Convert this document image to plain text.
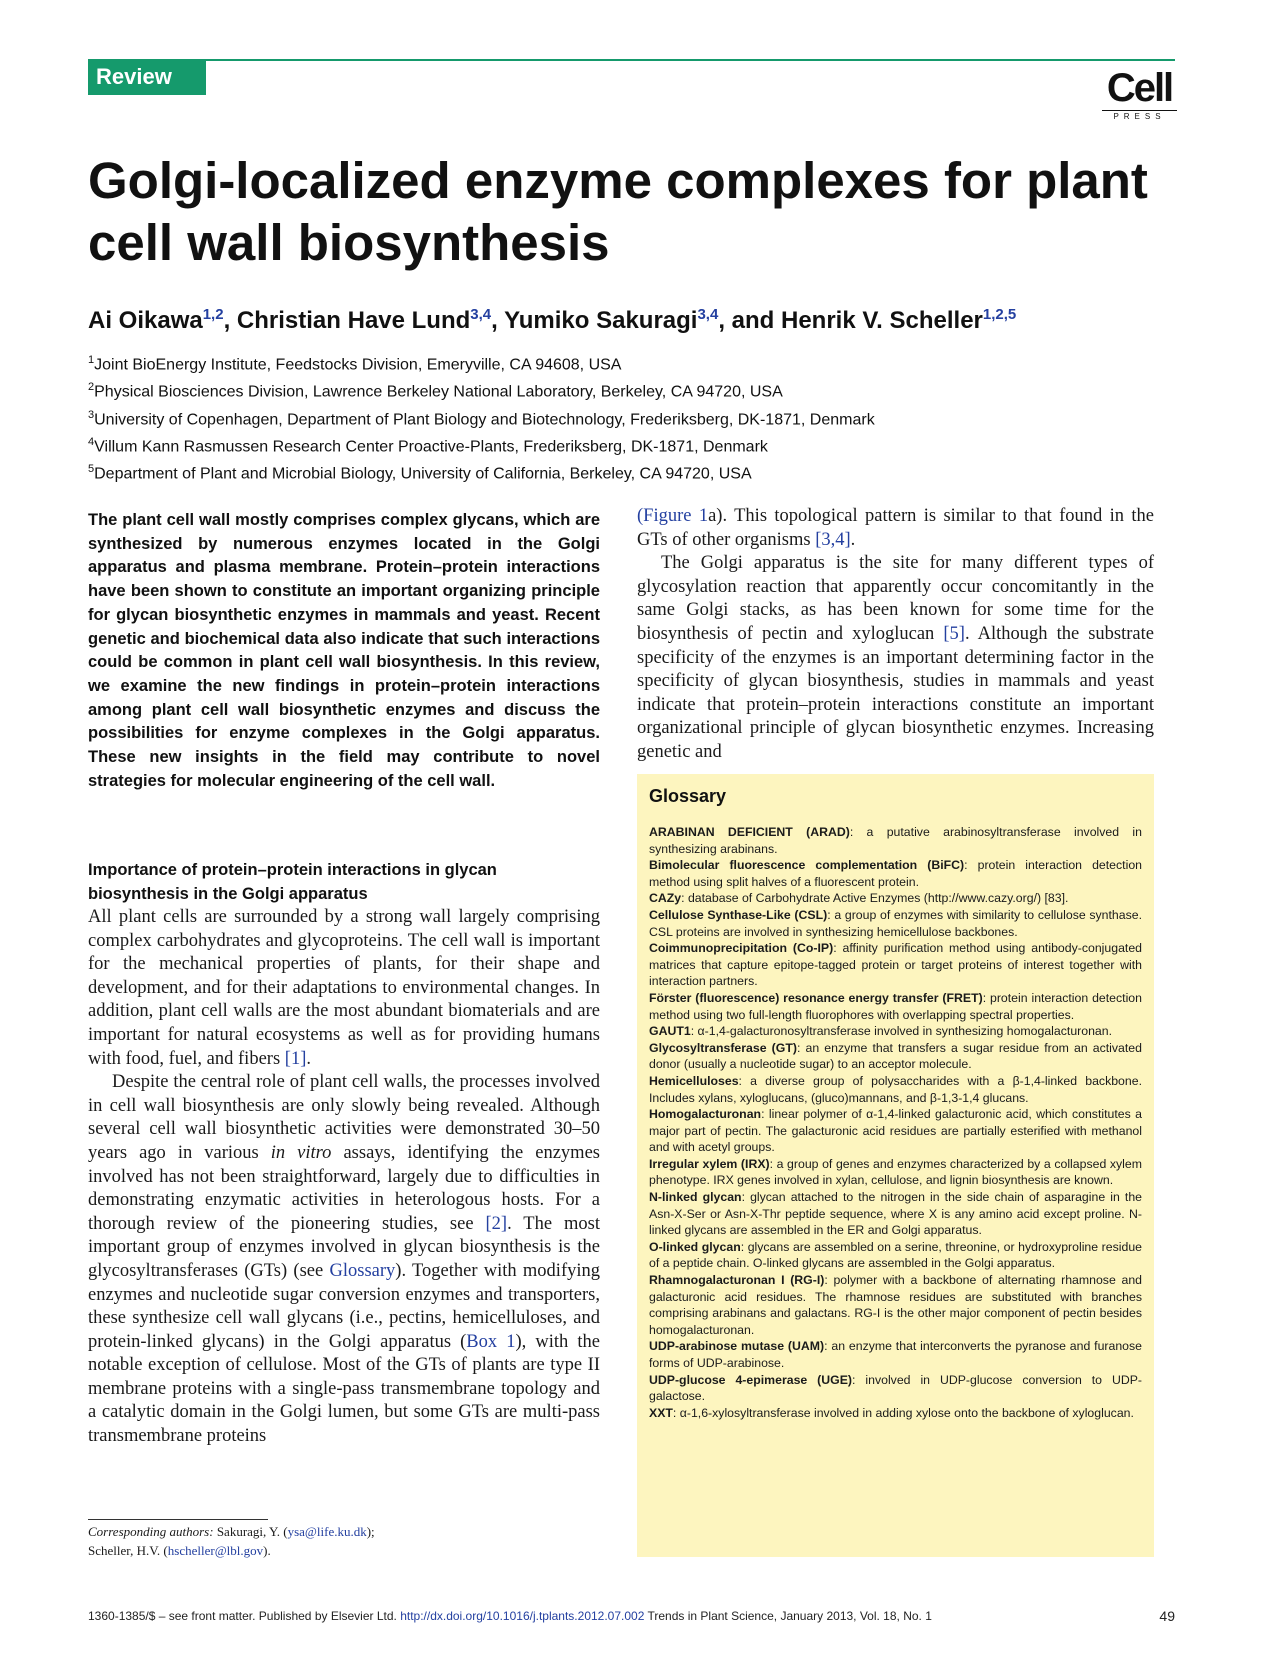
Review	Cell
PRESS
Golgi-localized enzyme complexes for plant cell wall biosynthesis
Ai Oikawa$^{1,2}$, Christian Have Lund$^{3,4}$, Yumiko Sakuragi$^{3,4}$, and Henrik V. Scheller$^{1,2,5}$
$^1$Joint BioEnergy Institute, Feedstocks Division, Emeryville, CA 94608, USA
$^2$Physical Biosciences Division, Lawrence Berkeley National Laboratory, Berkeley, CA 94720, USA
$^3$University of Copenhagen, Department of Plant Biology and Biotechnology, Frederiksberg, DK-1871, Denmark
$^4$Villum Kann Rasmussen Research Center Proactive-Plants, Frederiksberg, DK-1871, Denmark
$^5$Department of Plant and Microbial Biology, University of California, Berkeley, CA 94720, USA
The plant cell wall mostly comprises complex glycans, which are synthesized by numerous enzymes located in the Golgi apparatus and plasma membrane. Protein–protein interactions have been shown to constitute an important organizing principle for glycan biosynthetic enzymes in mammals and yeast. Recent genetic and biochemical data also indicate that such interactions could be common in plant cell wall biosynthesis. In this review, we examine the new findings in protein–protein interactions among plant cell wall biosynthetic enzymes and discuss the possibilities for enzyme complexes in the Golgi apparatus. These new insights in the field may contribute to novel strategies for molecular engineering of the cell wall.
Importance of protein–protein interactions in glycan biosynthesis in the Golgi apparatus

All plant cells are surrounded by a strong wall largely comprising complex carbohydrates and glycoproteins. The cell wall is important for the mechanical properties of plants, for their shape and development, and for their adaptations to environmental changes. In addition, plant cell walls are the most abundant biomaterials and are important for natural ecosystems as well as for providing humans with food, fuel, and fibers [1].

Despite the central role of plant cell walls, the processes involved in cell wall biosynthesis are only slowly being revealed. Although several cell wall biosynthetic activities were demonstrated 30–50 years ago in various in vitro assays, identifying the enzymes involved has not been straightforward, largely due to difficulties in demonstrating enzymatic activities in heterologous hosts. For a thorough review of the pioneering studies, see [2]. The most important group of enzymes involved in glycan biosynthesis is the glycosyltransferases (GTs) (see Glossary). Together with modifying enzymes and nucleotide sugar conversion enzymes and transporters, these synthesize cell wall glycans (i.e., pectins, hemicelluloses, and protein-linked glycans) in the Golgi apparatus (Box 1), with the notable exception of cellulose. Most of the GTs of plants are type II membrane proteins with a single-pass transmembrane topology and a catalytic domain in the Golgi lumen, but some GTs are multi-pass transmembrane proteins

Corresponding authors: Sakuragi, Y. (ysa@life.ku.dk);
Scheller, H.V. (hscheller@lbl.gov).

(Figure 1a). This topological pattern is similar to that found in the GTs of other organisms [3,4].

The Golgi apparatus is the site for many different types of glycosylation reaction that apparently occur concomitantly in the same Golgi stacks, as has been known for some time for the biosynthesis of pectin and xyloglucan [5]. Although the substrate specificity of the enzymes is an important determining factor in the specificity of glycan biosynthesis, studies in mammals and yeast indicate that protein–protein interactions constitute an important organizational principle of glycan biosynthetic enzymes. Increasing genetic and

Glossary
ARABINAN DEFICIENT (ARAD): a putative arabinosyltransferase involved in synthesizing arabinans.
Bimolecular fluorescence complementation (BiFC): protein interaction detection method using split halves of a fluorescent protein.
CAZy: database of Carbohydrate Active Enzymes (http://www.cazy.org/) [83].
Cellulose Synthase-Like (CSL): a group of enzymes with similarity to cellulose synthase. CSL proteins are involved in synthesizing hemicellulose backbones.
Coimmunoprecipitation (Co-IP): affinity purification method using antibody-conjugated matrices that capture epitope-tagged protein or target proteins of interest together with interaction partners.
Förster (fluorescence) resonance energy transfer (FRET): protein interaction detection method using two full-length fluorophores with overlapping spectral properties.
GAUT1: α-1,4-galacturonosyltransferase involved in synthesizing homogalacturonan.
Glycosyltransferase (GT): an enzyme that transfers a sugar residue from an activated donor (usually a nucleotide sugar) to an acceptor molecule.
Hemicelluloses: a diverse group of polysaccharides with a β-1,4-linked backbone. Includes xylans, xyloglucans, (gluco)mannans, and β-1,3-1,4 glucans.
Homogalacturonan: linear polymer of α-1,4-linked galacturonic acid, which constitutes a major part of pectin. The galacturonic acid residues are partially esterified with methanol and with acetyl groups.
Irregular xylem (IRX): a group of genes and enzymes characterized by a collapsed xylem phenotype. IRX genes involved in xylan, cellulose, and lignin biosynthesis are known.
N-linked glycan: glycan attached to the nitrogen in the side chain of asparagine in the Asn-X-Ser or Asn-X-Thr peptide sequence, where X is any amino acid except proline. N-linked glycans are assembled in the ER and Golgi apparatus.
O-linked glycan: glycans are assembled on a serine, threonine, or hydroxyproline residue of a peptide chain. O-linked glycans are assembled in the Golgi apparatus.
Rhamnogalacturonan I (RG-I): polymer with a backbone of alternating rhamnose and galacturonic acid residues. The rhamnose residues are substituted with branches comprising arabinans and galactans. RG-I is the other major component of pectin besides homogalacturonan.
UDP-arabinose mutase (UAM): an enzyme that interconverts the pyranose and furanose forms of UDP-arabinose.
UDP-glucose 4-epimerase (UGE): involved in UDP-glucose conversion to UDP-galactose.
XXT: α-1,6-xylosyltransferase involved in adding xylose onto the backbone of xyloglucan.
1360-1385/$ – see front matter. Published by Elsevier Ltd. http://dx.doi.org/10.1016/j.tplants.2012.07.002 Trends in Plant Science, January 2013, Vol. 18, No. 1	49
